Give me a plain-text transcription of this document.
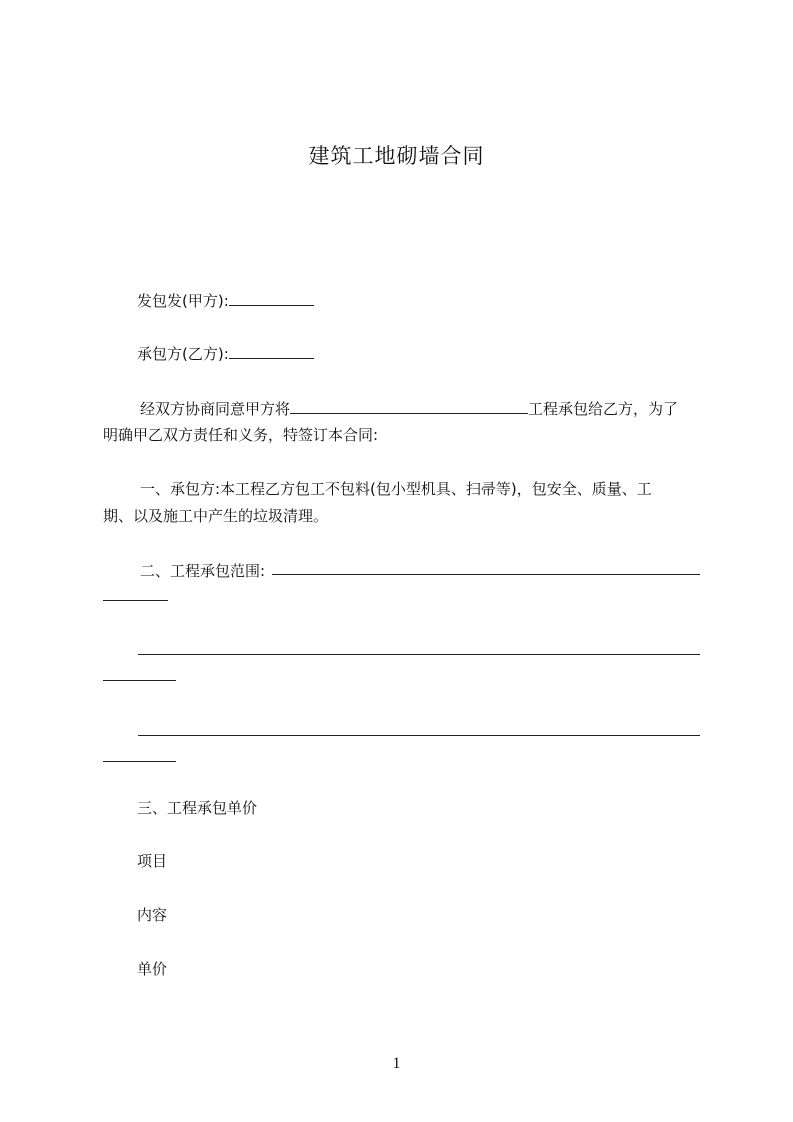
建筑工地砌墙合同
发包发(甲方):
承包方(乙方):
经双方协商同意甲方将	工程承包给乙方，为了
明确甲乙双方责任和义务，特签订本合同:
一、承包方:本工程乙方包工不包料(包小型机具、扫帚等)，包安全、质量、工
期、以及施工中产生的垃圾清理。
二、工程承包范围:
三、工程承包单价
项目
内容
单价
1
